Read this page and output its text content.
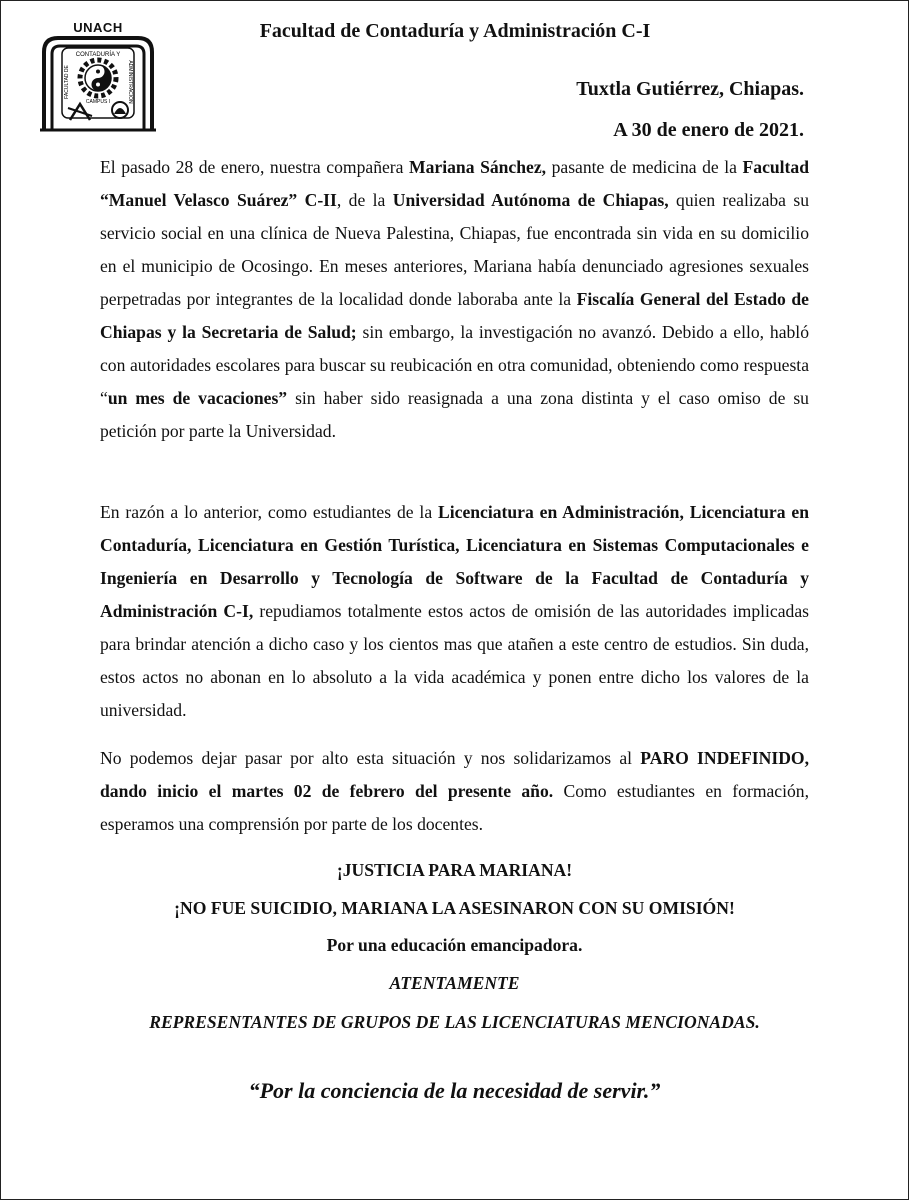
UNACH
CONTADURÍA Y
FACULTAD DE	ADMINISTRACIÓN
CAMPUS I
Facultad de Contaduría y Administración C-I
Tuxtla Gutiérrez, Chiapas.
A 30 de enero de 2021.

El pasado 28 de enero, nuestra compañera Mariana Sánchez, pasante de medicina de la Facultad “Manuel Velasco Suárez” C-II, de la Universidad Autónoma de Chiapas, quien realizaba su servicio social en una clínica de Nueva Palestina, Chiapas, fue encontrada sin vida en su domicilio en el municipio de Ocosingo. En meses anteriores, Mariana había denunciado agresiones sexuales perpetradas por integrantes de la localidad donde laboraba ante la Fiscalía General del Estado de Chiapas y la Secretaria de Salud; sin embargo, la investigación no avanzó. Debido a ello, habló con autoridades escolares para buscar su reubicación en otra comunidad, obteniendo como respuesta “un mes de vacaciones” sin haber sido reasignada a una zona distinta y el caso omiso de su petición por parte la Universidad.

En razón a lo anterior, como estudiantes de la Licenciatura en Administración, Licenciatura en Contaduría, Licenciatura en Gestión Turística, Licenciatura en Sistemas Computacionales e Ingeniería en Desarrollo y Tecnología de Software de la Facultad de Contaduría y Administración C-I, repudiamos totalmente estos actos de omisión de las autoridades implicadas para brindar atención a dicho caso y los cientos mas que atañen a este centro de estudios. Sin duda, estos actos no abonan en lo absoluto a la vida académica y ponen entre dicho los valores de la universidad.

No podemos dejar pasar por alto esta situación y nos solidarizamos al PARO INDEFINIDO, dando inicio el martes 02 de febrero del presente año. Como estudiantes en formación, esperamos una comprensión por parte de los docentes.

¡JUSTICIA PARA MARIANA!
¡NO FUE SUICIDIO, MARIANA LA ASESINARON CON SU OMISIÓN!
Por una educación emancipadora.
ATENTAMENTE
REPRESENTANTES DE GRUPOS DE LAS LICENCIATURAS MENCIONADAS.
“Por la conciencia de la necesidad de servir.”
